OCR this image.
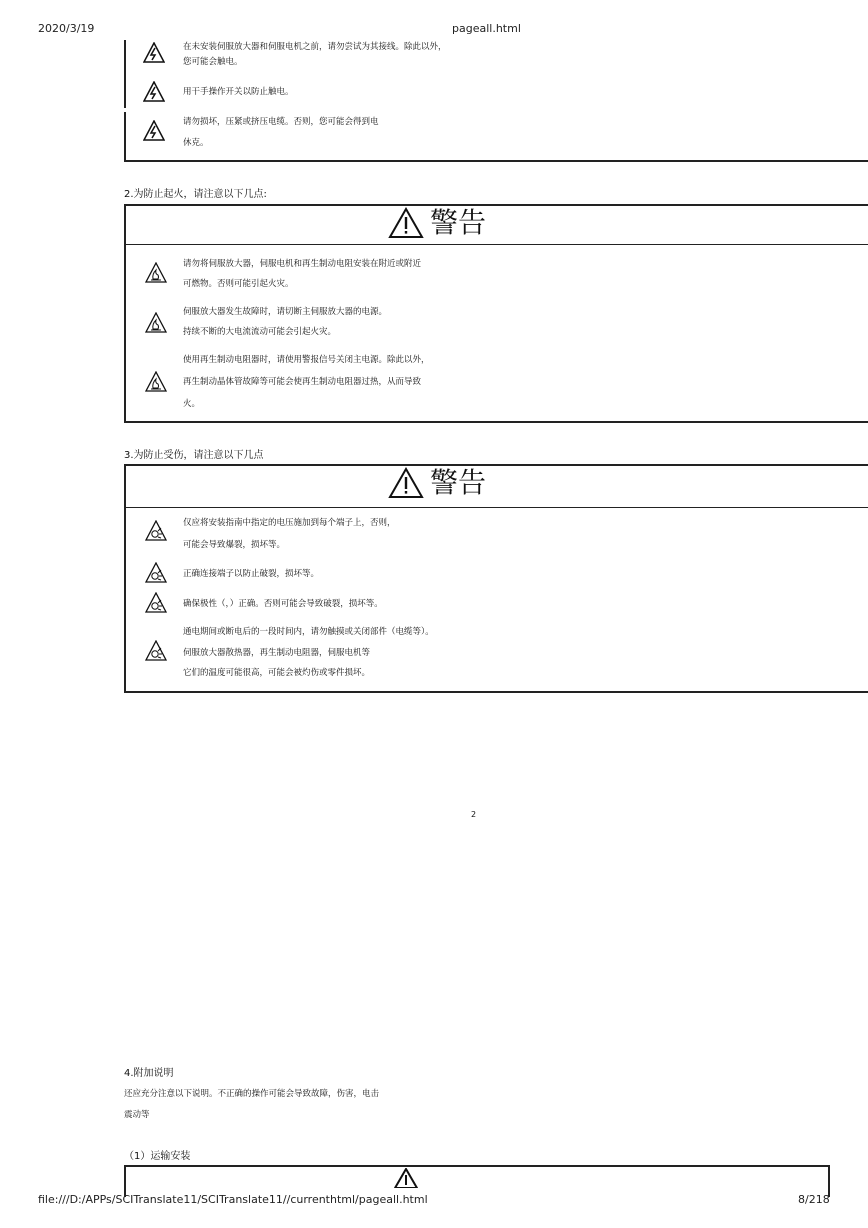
2020/3/19	pageall.html
在未安装伺服放大器和伺服电机之前，请勿尝试为其接线。除此以外，
您可能会触电。
用干手操作开关以防止触电。
请勿损坏，压紧或挤压电缆。否则，您可能会得到电
休克。
2.为防止起火，请注意以下几点:
警告
请勿将伺服放大器，伺服电机和再生制动电阻安装在附近或附近
可燃物。否则可能引起火灾。
伺服放大器发生故障时，请切断主伺服放大器的电源。
持续不断的大电流流动可能会引起火灾。
使用再生制动电阻器时，请使用警报信号关闭主电源。除此以外，
再生制动晶体管故障等可能会使再生制动电阻器过热，从而导致
火。
3.为防止受伤，请注意以下几点
警告
仅应将安装指南中指定的电压施加到每个端子上，否则，
可能会导致爆裂，损坏等。
正确连接端子以防止破裂，损坏等。
确保极性（，）正确。否则可能会导致破裂，损坏等。
通电期间或断电后的一段时间内，请勿触摸或关闭部件（电缆等）。
伺服放大器散热器，再生制动电阻器，伺服电机等
它们的温度可能很高，可能会被灼伤或零件损坏。
2
4.附加说明
还应充分注意以下说明。不正确的操作可能会导致故障，伤害，电击
震动等
（1）运输安装
file:///D:/APPs/SCITranslate11/SCITranslate11//currenthtml/pageall.html	8/218
